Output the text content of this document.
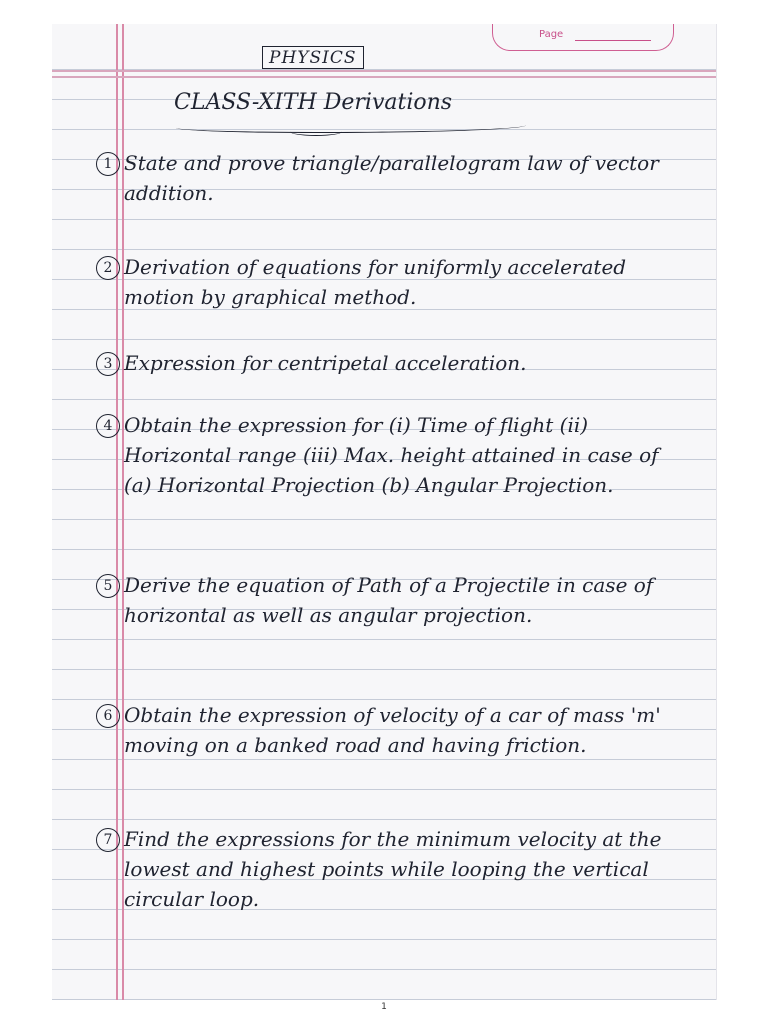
Page
PHYSICS
CLASS-XITH Derivations
1 State and prove triangle/parallelogram law of vector addition.

2 Derivation of equations for uniformly accelerated motion by graphical method.

3 Expression for centripetal acceleration.

4 Obtain the expression for (i) Time of flight (ii) Horizontal range (iii) Max. height attained in case of (a) Horizontal Projection (b) Angular Projection.

5 Derive the equation of Path of a Projectile in case of horizontal as well as angular projection.

6 Obtain the expression of velocity of a car of mass 'm' moving on a banked road and having friction.

7 Find the expressions for the minimum velocity at the lowest and highest points while looping the vertical circular loop.

1
